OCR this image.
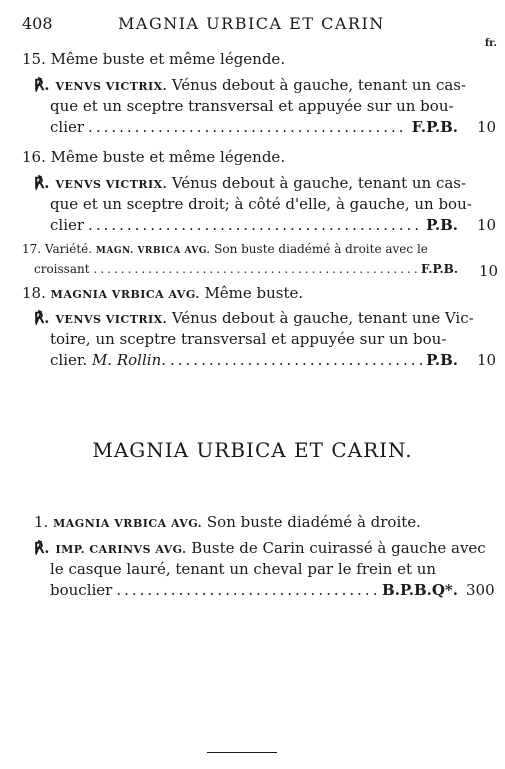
408	MAGNIA URBICA ET CARIN
fr.
15. Même buste et même légende.
℟. VENVS VICTRIX. Vénus debout à gauche, tenant un cas-
que et un sceptre transversal et appuyée sur un bou-
clier .....	F.P.B. 10
16. Même buste et même légende.
℟. VENVS VICTRIX. Vénus debout à gauche, tenant un cas-
que et un sceptre droit; à côté d'elle, à gauche, un bou-
clier .....	P.B. 10
17. Variété. MAGN. VRBICA AVG. Son buste diadémé à droite avec le
croissant .....	F.P.B. 10
18. MAGNIA VRBICA AVG. Même buste.
℟. VENVS VICTRIX. Vénus debout à gauche, tenant une Vic-
toire, un sceptre transversal et appuyée sur un bou-
clier.
M. Rollin. .....	P.B. 10
MAGNIA URBICA ET CARIN.
1. MAGNIA VRBICA AVG. Son buste diadémé à droite.
℟. IMP. CARINVS AVG. Buste de Carin cuirassé à gauche avec
le casque lauré, tenant un cheval par le frein et un
bouclier .....	B.P.B.Q*. 300
